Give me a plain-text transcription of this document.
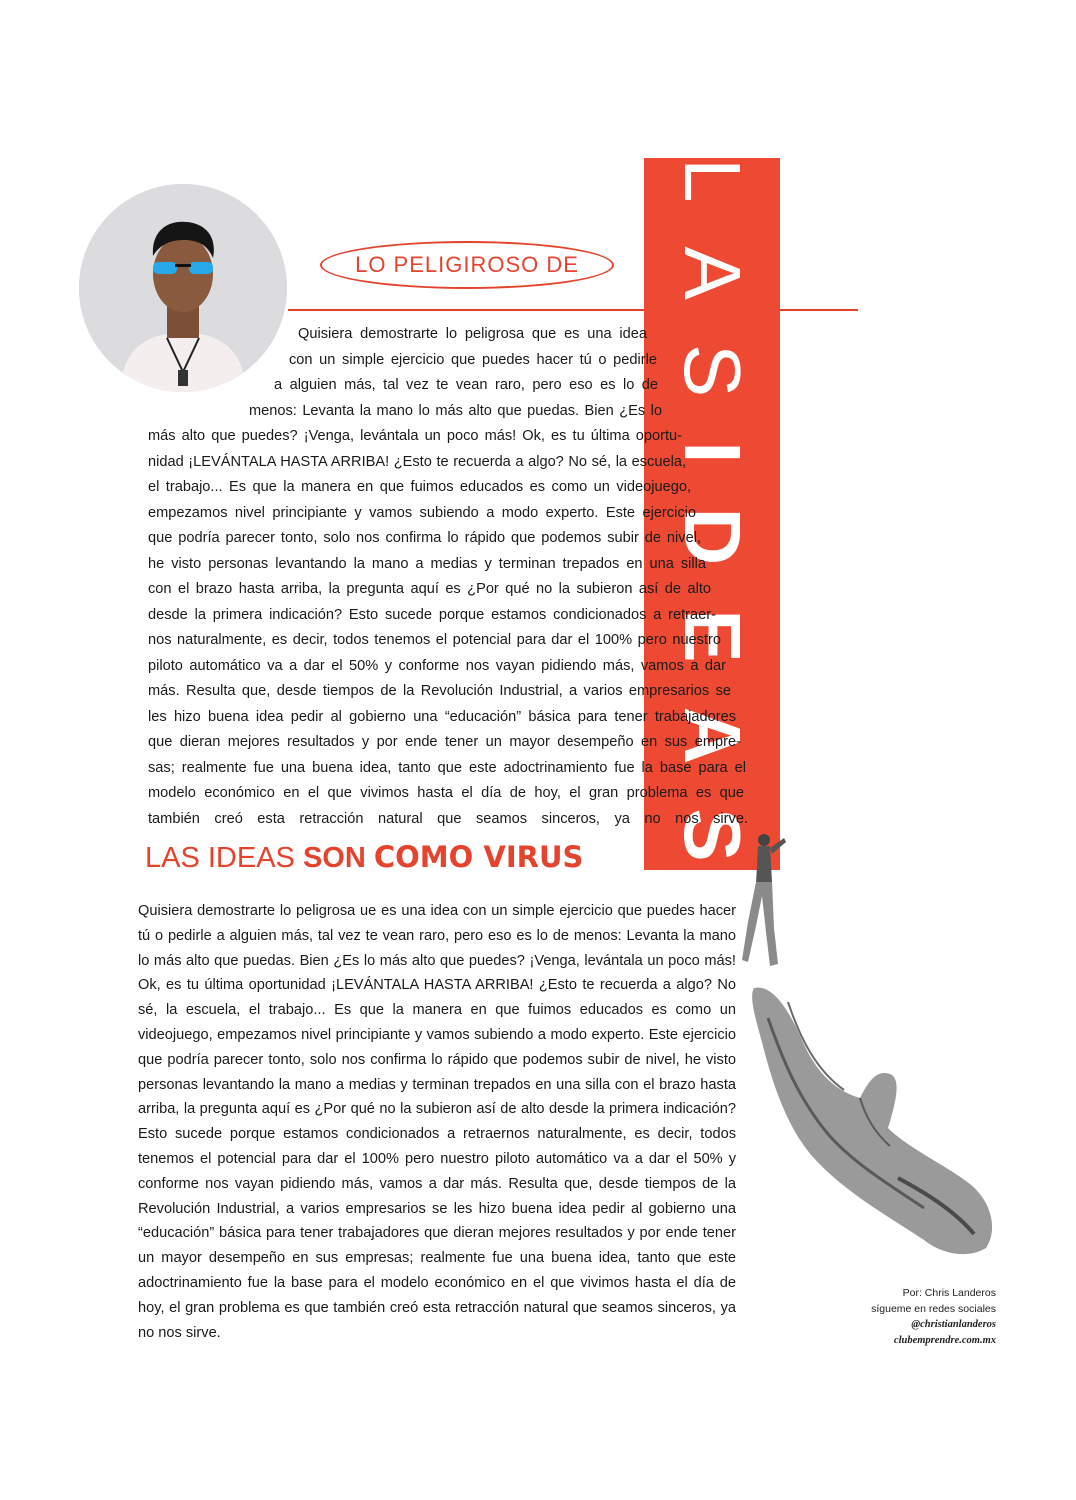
LO PELIGIROSO DE LASIDEAS

Quisiera demostrarte lo peligrosa que es una idea

con un simple ejercicio que puedes hacer tú o pedirle

a alguien más, tal vez te vean raro, pero eso es lo de

menos: Levanta la mano lo más alto que puedas. Bien ¿Es lo

más alto que puedes? ¡Venga, levántala un poco más! Ok, es tu última oportu-

nidad ¡LEVÁNTALA HASTA ARRIBA! ¿Esto te recuerda a algo? No sé, la escuela,

el trabajo... Es que la manera en que fuimos educados es como un videojuego,

empezamos nivel principiante y vamos subiendo a modo experto. Este ejercicio

que podría parecer tonto, solo nos confirma lo rápido que podemos subir de nivel,

he visto personas levantando la mano a medias y terminan trepados en una silla

con el brazo hasta arriba, la pregunta aquí es ¿Por qué no la subieron así de alto

desde la primera indicación? Esto sucede porque estamos condicionados a retraer-

nos naturalmente, es decir, todos tenemos el potencial para dar el 100% pero nuestro

piloto automático va a dar el 50% y conforme nos vayan pidiendo más, vamos a dar

más. Resulta que, desde tiempos de la Revolución Industrial, a varios empresarios se

les hizo buena idea pedir al gobierno una “educación” básica para tener trabajadores

que dieran mejores resultados y por ende tener un mayor desempeño en sus empre-

sas; realmente fue una buena idea, tanto que este adoctrinamiento fue la base para el

modelo económico en el que vivimos hasta el día de hoy, el gran problema es que

también creó esta retracción natural que seamos sinceros, ya no nos sirve.

LAS IDEAS SON COMO VIRUS
Quisiera demostrarte lo peligrosa ue es una idea con un simple ejercicio que puedes hacer tú o pedirle a alguien más, tal vez te vean raro, pero eso es lo de menos: Levanta la mano lo más alto que puedas. Bien ¿Es lo más alto que puedes? ¡Venga, levántala un poco más! Ok, es tu última oportunidad ¡LEVÁNTALA HASTA ARRIBA! ¿Esto te recuerda a algo? No sé, la escuela, el trabajo... Es que la manera en que fuimos educados es como un videojuego, empezamos nivel principiante y vamos subiendo a modo experto. Este ejercicio que podría parecer tonto, solo nos confirma lo rápido que podemos subir de nivel, he visto personas levantando la mano a medias y terminan trepados en una silla con el brazo hasta arriba, la pregunta aquí es ¿Por qué no la subieron así de alto desde la primera indicación? Esto sucede porque estamos condicionados a retraernos naturalmente, es decir, todos tenemos el potencial para dar el 100% pero nuestro piloto automático va a dar el 50% y conforme nos vayan pidiendo más, vamos a dar más. Resulta que, desde tiempos de la Revolución Industrial, a varios empresarios se les hizo buena idea pedir al gobierno una “educación” básica para tener trabajadores que dieran mejores resultados y por ende tener un mayor desempeño en sus empresas; realmente fue una buena idea, tanto que este adoctrinamiento fue la base para el modelo económico en el que vivimos hasta el día de hoy, el gran problema es que también creó esta retracción natural que seamos sinceros, ya no nos sirve.
Por: Chris Landeros
sígueme en redes sociales
@christianlanderos
clubemprendre.com.mx
